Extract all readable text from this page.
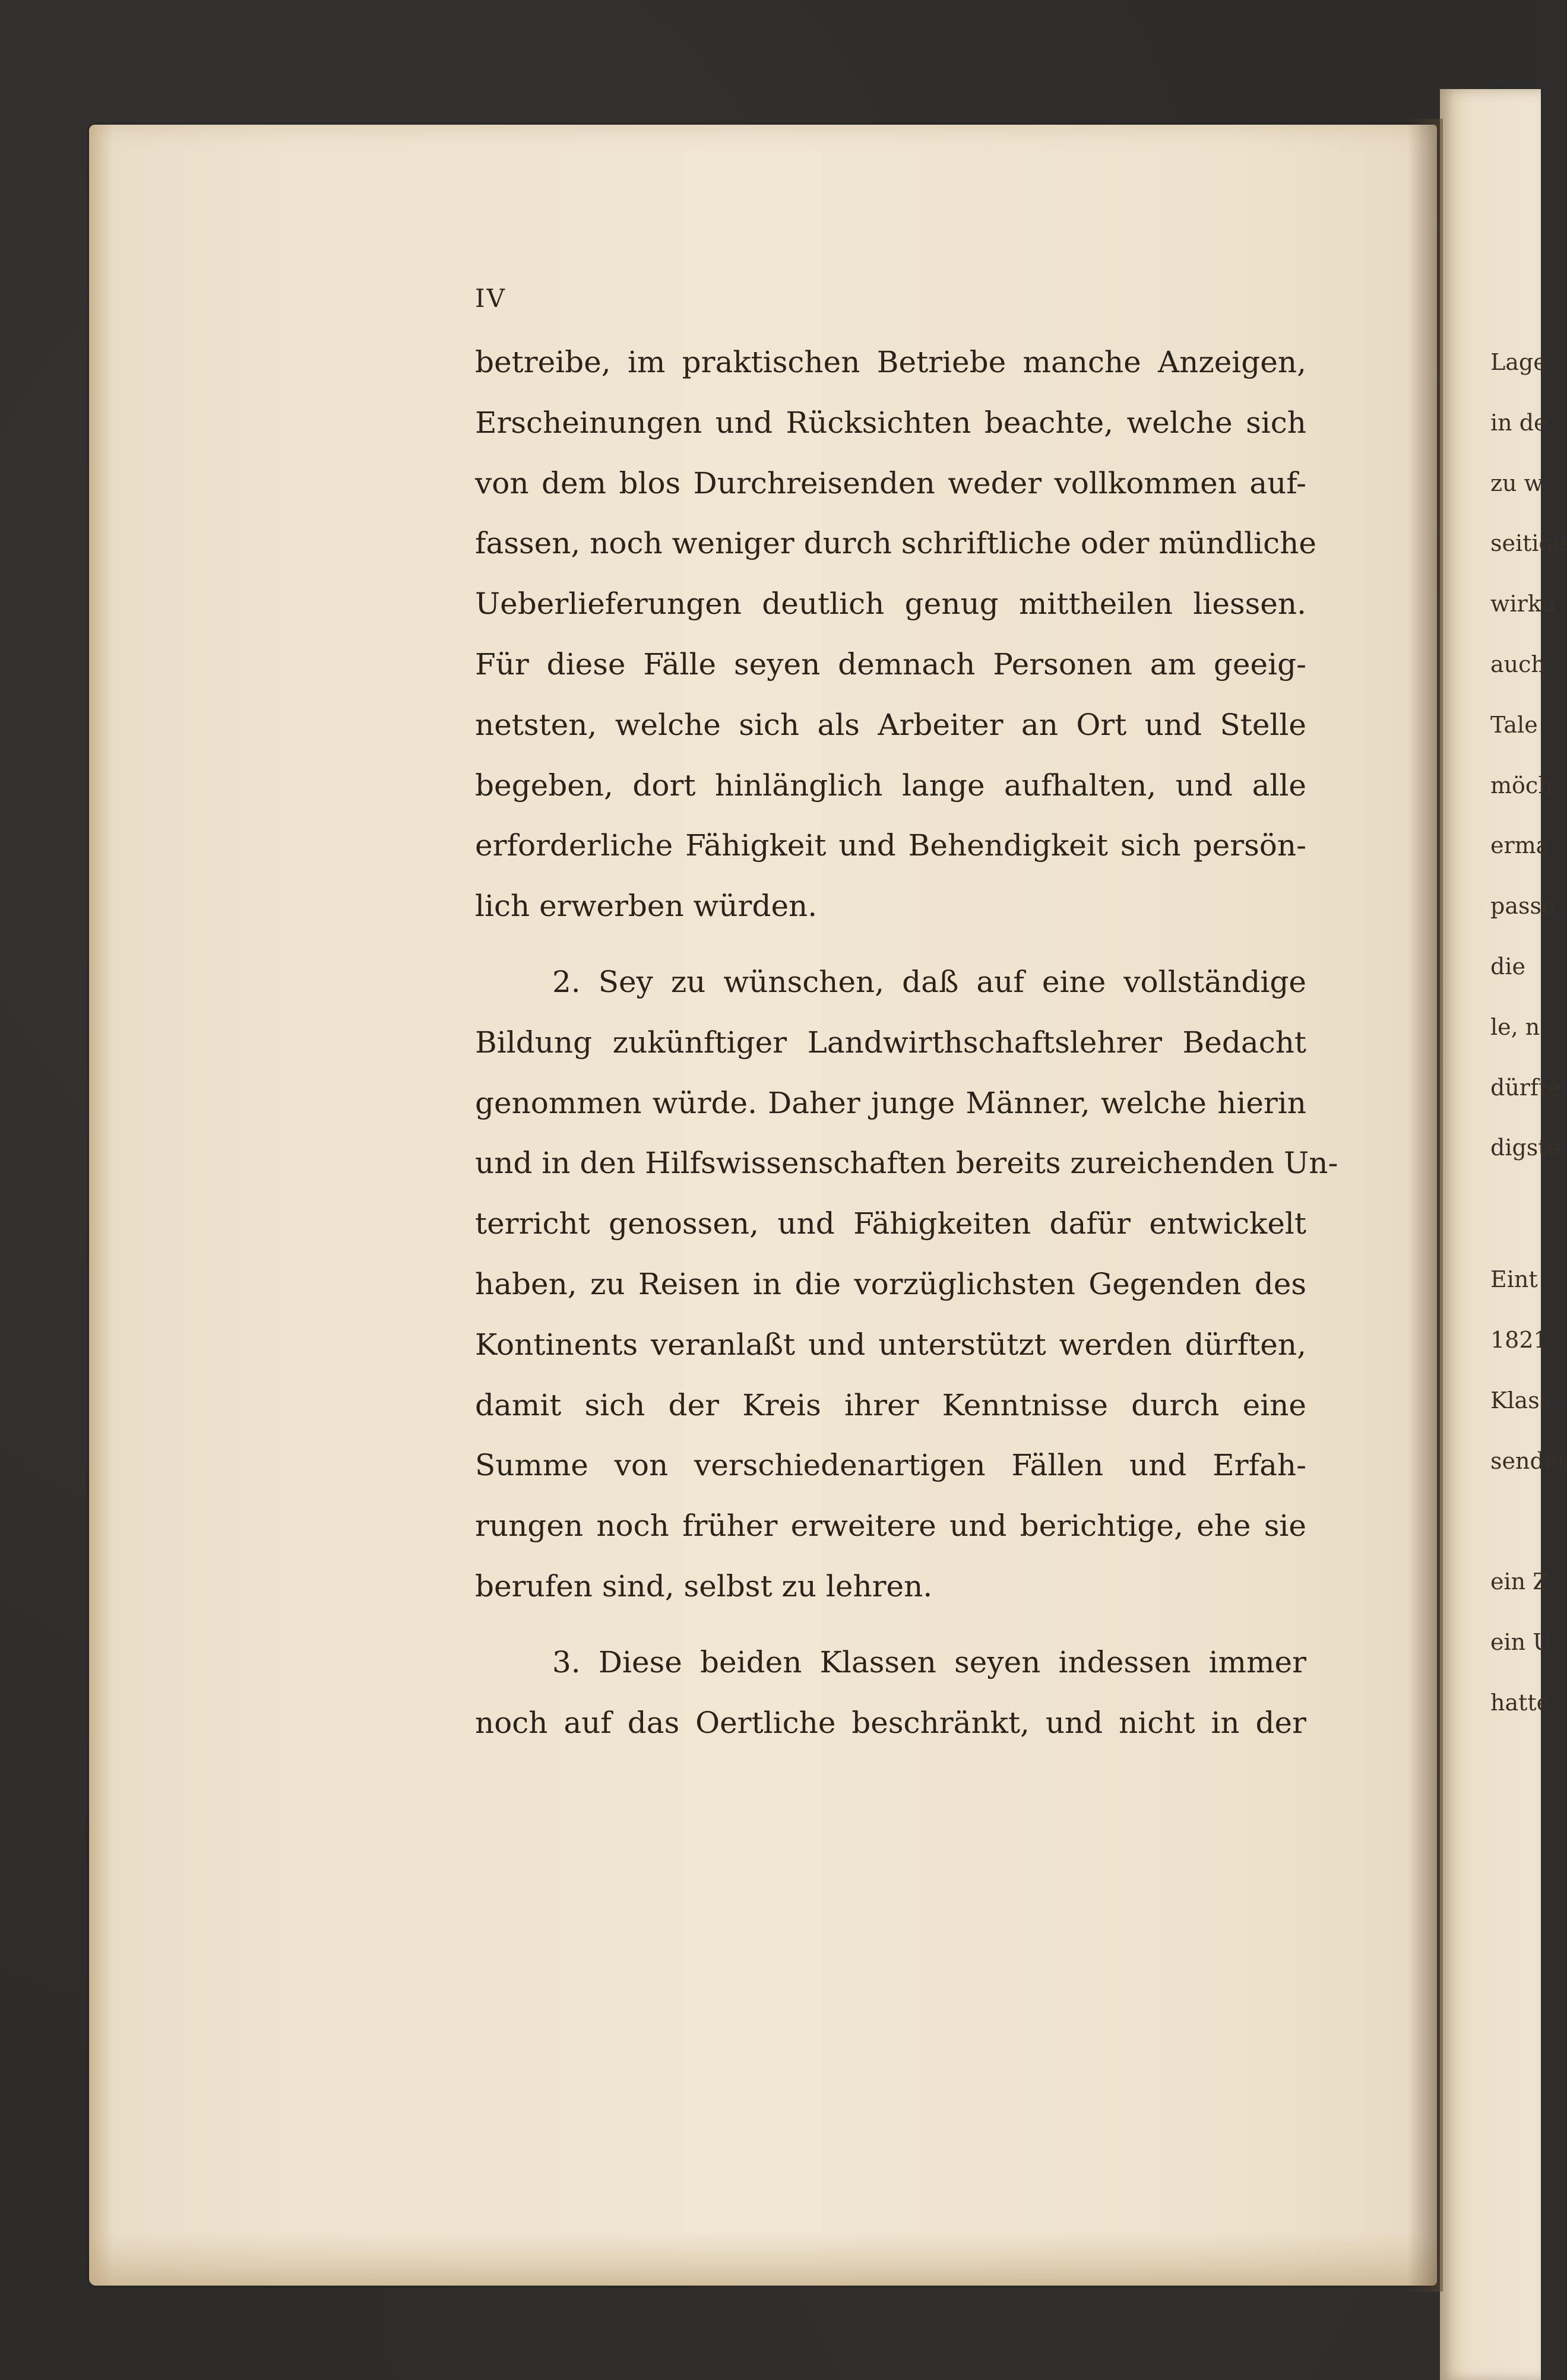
IV
betreibe, im praktischen Betriebe manche Anzeigen,
Erscheinungen und Rücksichten beachte, welche sich
von dem blos Durchreisenden weder vollkommen auf-
fassen, noch weniger durch schriftliche oder mündliche
Ueberlieferungen deutlich genug mittheilen liessen.
Für diese Fälle seyen demnach Personen am geeig-
netsten, welche sich als Arbeiter an Ort und Stelle
begeben, dort hinlänglich lange aufhalten, und alle
erforderliche Fähigkeit und Behendigkeit sich persön-
lich erwerben würden.
2. Sey zu wünschen, daß auf eine vollständige
Bildung zukünftiger Landwirthschaftslehrer Bedacht
genommen würde. Daher junge Männer, welche hierin
und in den Hilfswissenschaften bereits zureichenden Un-
terricht genossen, und Fähigkeiten dafür entwickelt
haben, zu Reisen in die vorzüglichsten Gegenden des
Kontinents veranlaßt und unterstützt werden dürften,
damit sich der Kreis ihrer Kenntnisse durch eine
Summe von verschiedenartigen Fällen und Erfah-
rungen noch früher erweitere und berichtige, ehe sie
berufen sind, selbst zu lehren.
3. Diese beiden Klassen seyen indessen immer
noch auf das Oertliche beschränkt, und nicht in der
Lage
in de
zu w
seitige
wirku
auch
Tale
möch
erma
passe
die
le, n
dürfte
digste
Eint
1821
Klass
sendet
ein Z
ein U
hatte
